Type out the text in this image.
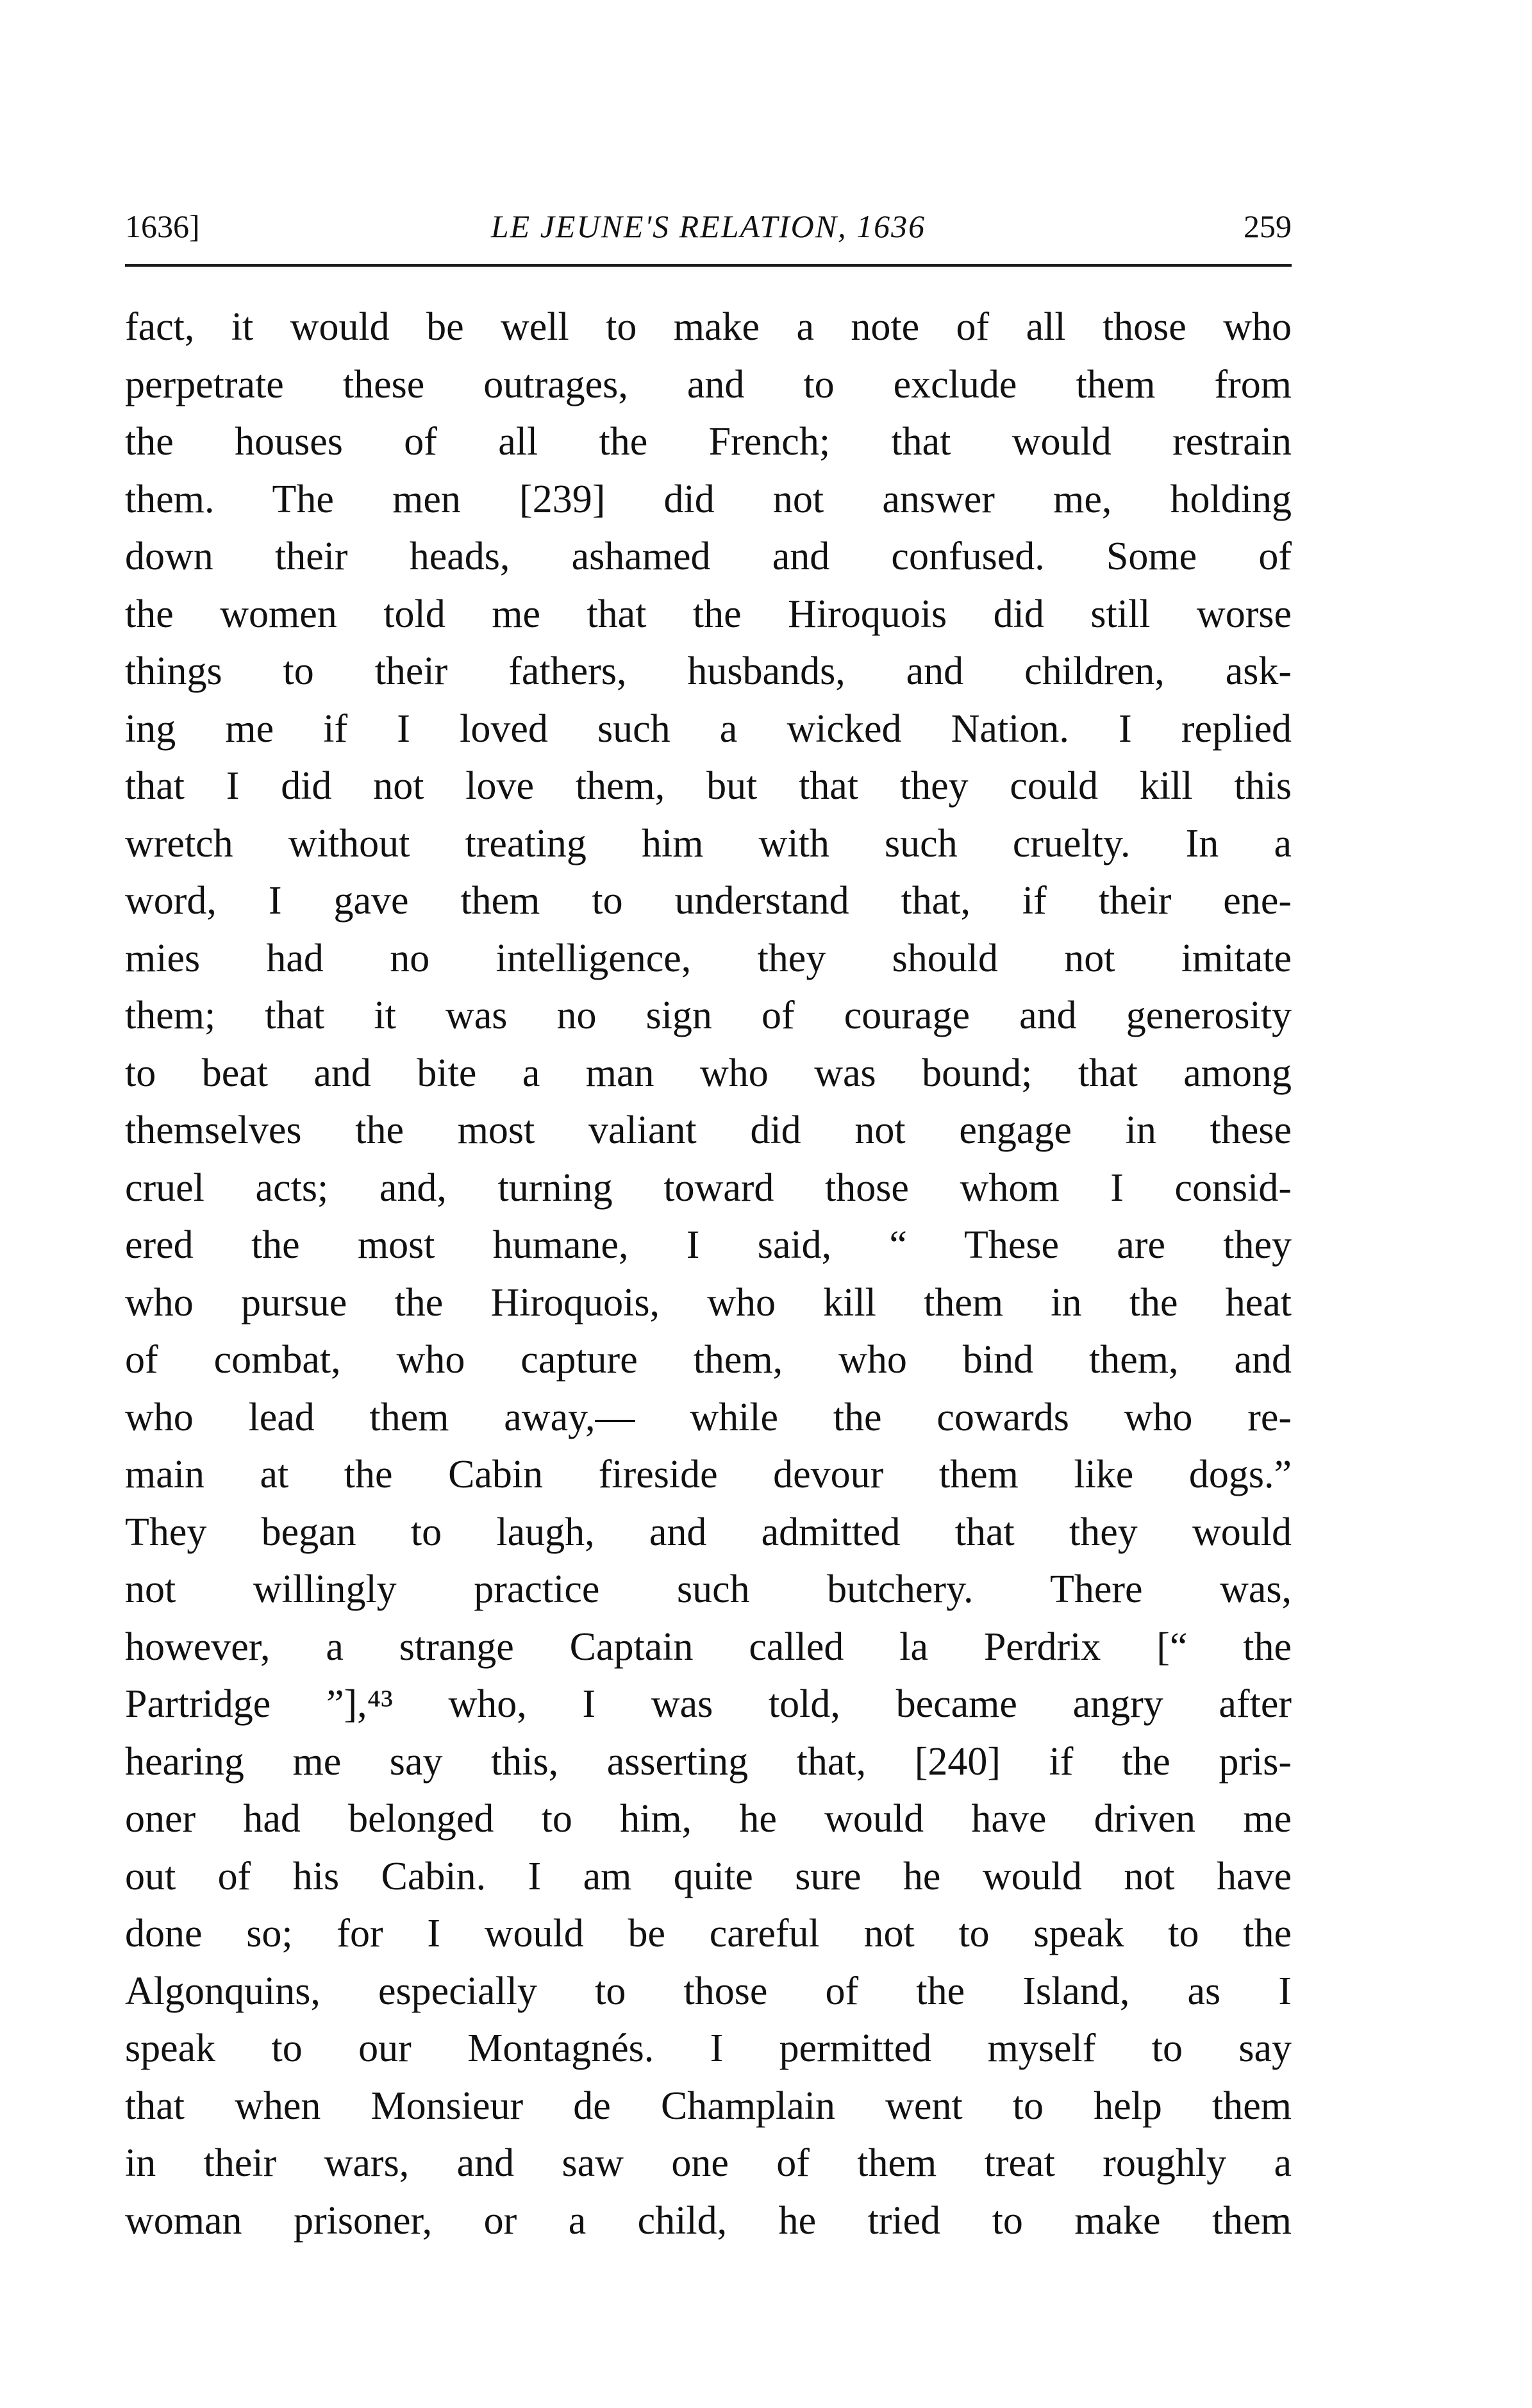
1636]	LE JEUNE'S RELATION, 1636	259
fact, it would be well to make a note of all those who
perpetrate these outrages, and to exclude them from
the houses of all the French; that would restrain
them. The men [239] did not answer me, holding
down their heads, ashamed and confused. Some of
the women told me that the Hiroquois did still worse
things to their fathers, husbands, and children, ask-
ing me if I loved such a wicked Nation. I replied
that I did not love them, but that they could kill this
wretch without treating him with such cruelty. In a
word, I gave them to understand that, if their ene-
mies had no intelligence, they should not imitate
them; that it was no sign of courage and generosity
to beat and bite a man who was bound; that among
themselves the most valiant did not engage in these
cruel acts; and, turning toward those whom I consid-
ered the most humane, I said, “ These are they
who pursue the Hiroquois, who kill them in the heat
of combat, who capture them, who bind them, and
who lead them away,— while the cowards who re-
main at the Cabin fireside devour them like dogs.”
They began to laugh, and admitted that they would
not willingly practice such butchery. There was,
however, a strange Captain called la Perdrix [“ the
Partridge ”],⁴³ who, I was told, became angry after
hearing me say this, asserting that, [240] if the pris-
oner had belonged to him, he would have driven me
out of his Cabin. I am quite sure he would not have
done so; for I would be careful not to speak to the
Algonquins, especially to those of the Island, as I
speak to our Montagnés. I permitted myself to say
that when Monsieur de Champlain went to help them
in their wars, and saw one of them treat roughly a
woman prisoner, or a child, he tried to make them
